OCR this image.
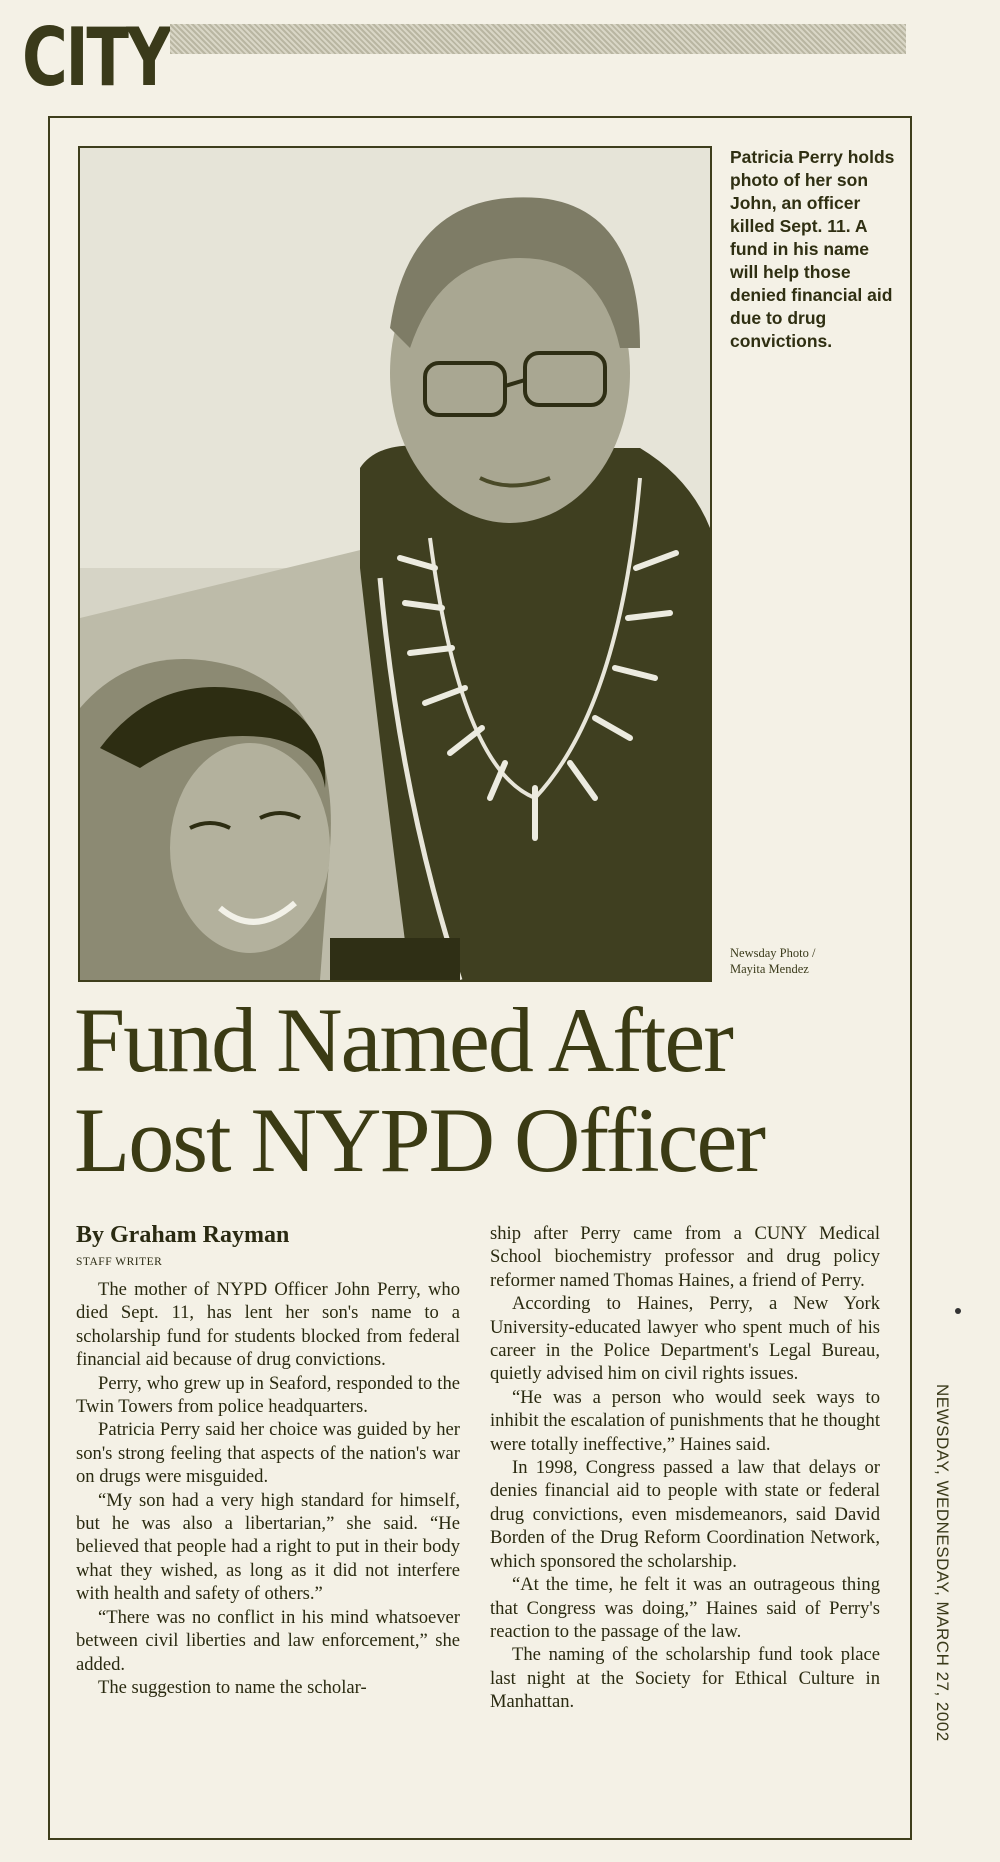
CITY
Patricia Perry holds photo of her son John, an officer killed Sept. 11. A fund in his name will help those denied financial aid due to drug convictions.
Newsday Photo /
Mayita Mendez
Fund Named After
Lost NYPD Officer
By Graham Rayman
STAFF WRITER

The mother of NYPD Officer John Perry, who died Sept. 11, has lent her son's name to a scholarship fund for students blocked from federal financial aid because of drug convictions.

Perry, who grew up in Seaford, responded to the Twin Towers from police headquarters.

Patricia Perry said her choice was guided by her son's strong feeling that aspects of the nation's war on drugs were misguided.

“My son had a very high standard for himself, but he was also a libertarian,” she said. “He believed that people had a right to put in their body what they wished, as long as it did not interfere with health and safety of others.”

“There was no conflict in his mind whatsoever between civil liberties and law enforcement,” she added.

The suggestion to name the scholar-

ship after Perry came from a CUNY Medical School biochemistry professor and drug policy reformer named Thomas Haines, a friend of Perry.

According to Haines, Perry, a New York University-educated lawyer who spent much of his career in the Police Department's Legal Bureau, quietly advised him on civil rights issues.

“He was a person who would seek ways to inhibit the escalation of punishments that he thought were totally ineffective,” Haines said.

In 1998, Congress passed a law that delays or denies financial aid to people with state or federal drug convictions, even misdemeanors, said David Borden of the Drug Reform Coordination Network, which sponsored the scholarship.

“At the time, he felt it was an outrageous thing that Congress was doing,” Haines said of Perry's reaction to the passage of the law.

The naming of the scholarship fund took place last night at the Society for Ethical Culture in Manhattan.	NEWSDAY, WEDNESDAY, MARCH 27, 2002
